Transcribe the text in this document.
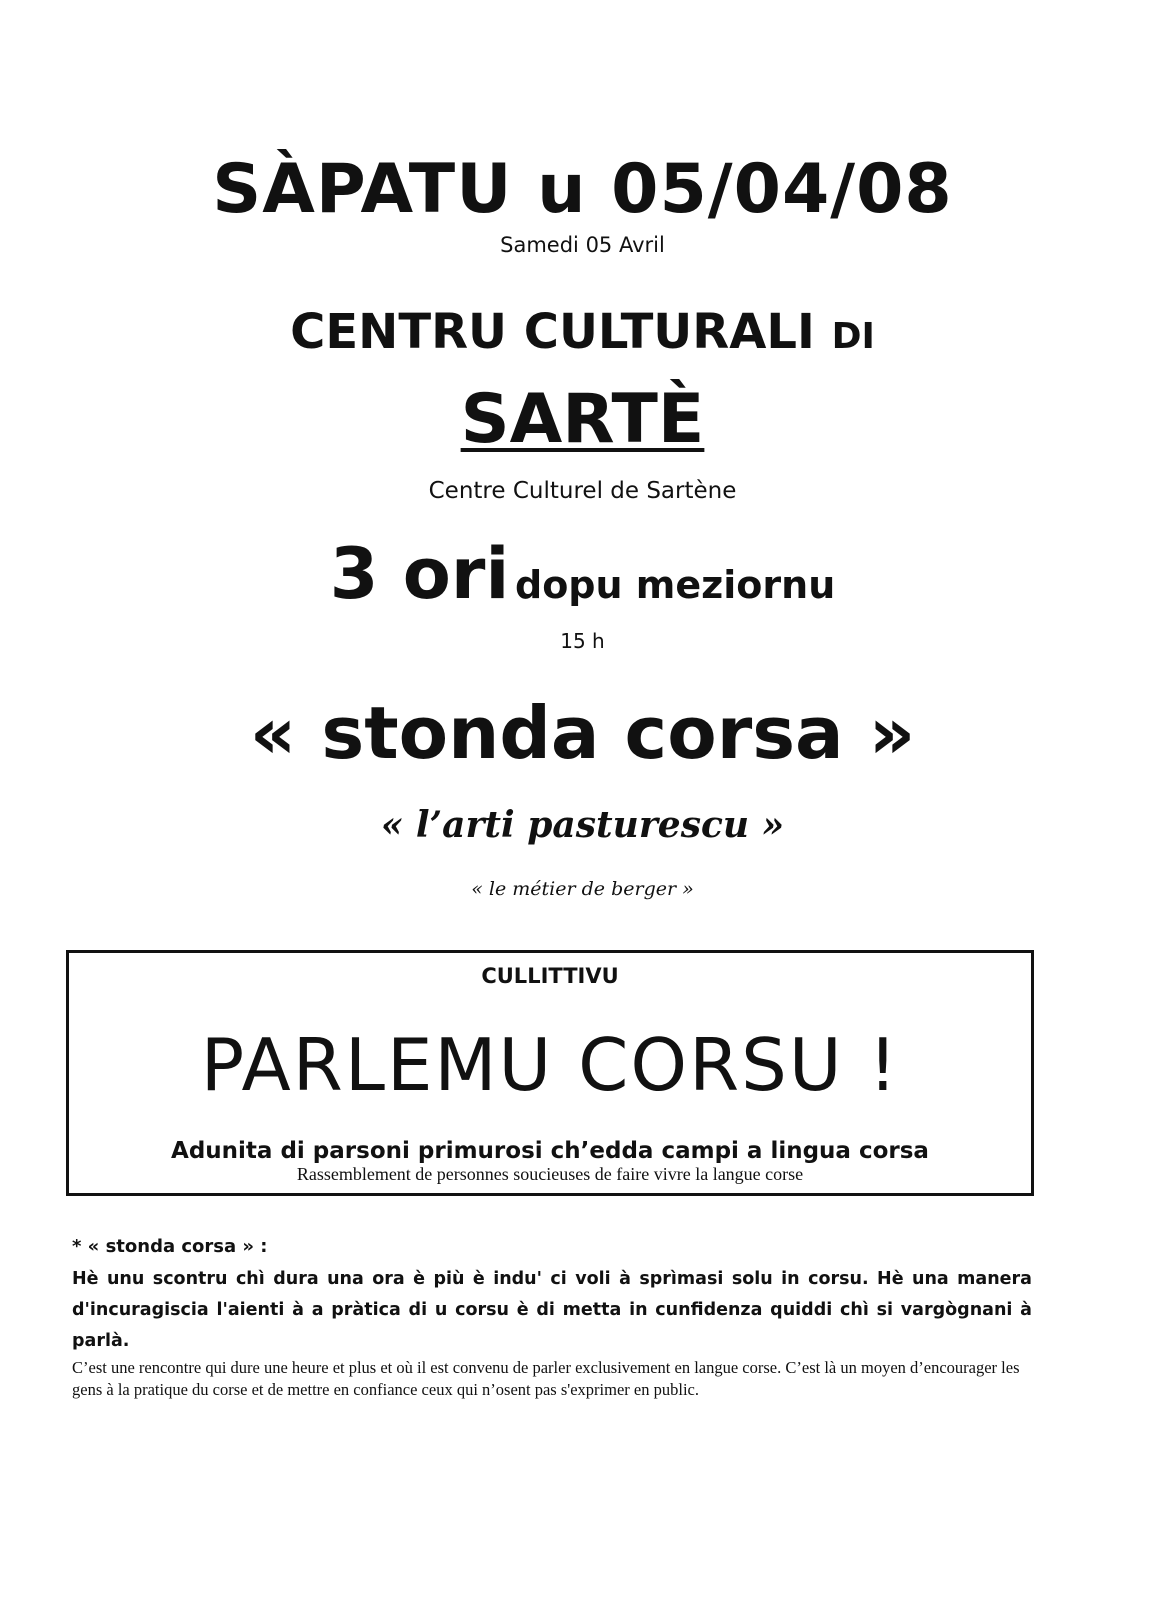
SÀPATU u 05/04/08
Samedi 05 Avril
CENTRU CULTURALI DI
SARTÈ
Centre Culturel de Sartène
3 ori dopu meziornu
15 h
« stonda corsa »
« l’arti pasturescu »
« le métier de berger »
CULLITTIVU
PARLEMU CORSU !
Adunita di parsoni primurosi ch’edda campi a lingua corsa
Rassemblement de personnes soucieuses de faire vivre la langue corse
* « stonda corsa » :
Hè unu scontru chì dura una ora è più è indu' ci voli à sprìmasi solu in corsu. Hè una manera d'incuragiscia l'aienti à a pràtica di u corsu è di metta in cunfidenza quiddi chì si vargògnani à parlà.
C’est une rencontre qui dure une heure et plus et où il est convenu de parler exclusivement en langue corse. C’est là un moyen d’encourager les gens à la pratique du corse et de mettre en confiance ceux qui n’osent pas s'exprimer en public.
